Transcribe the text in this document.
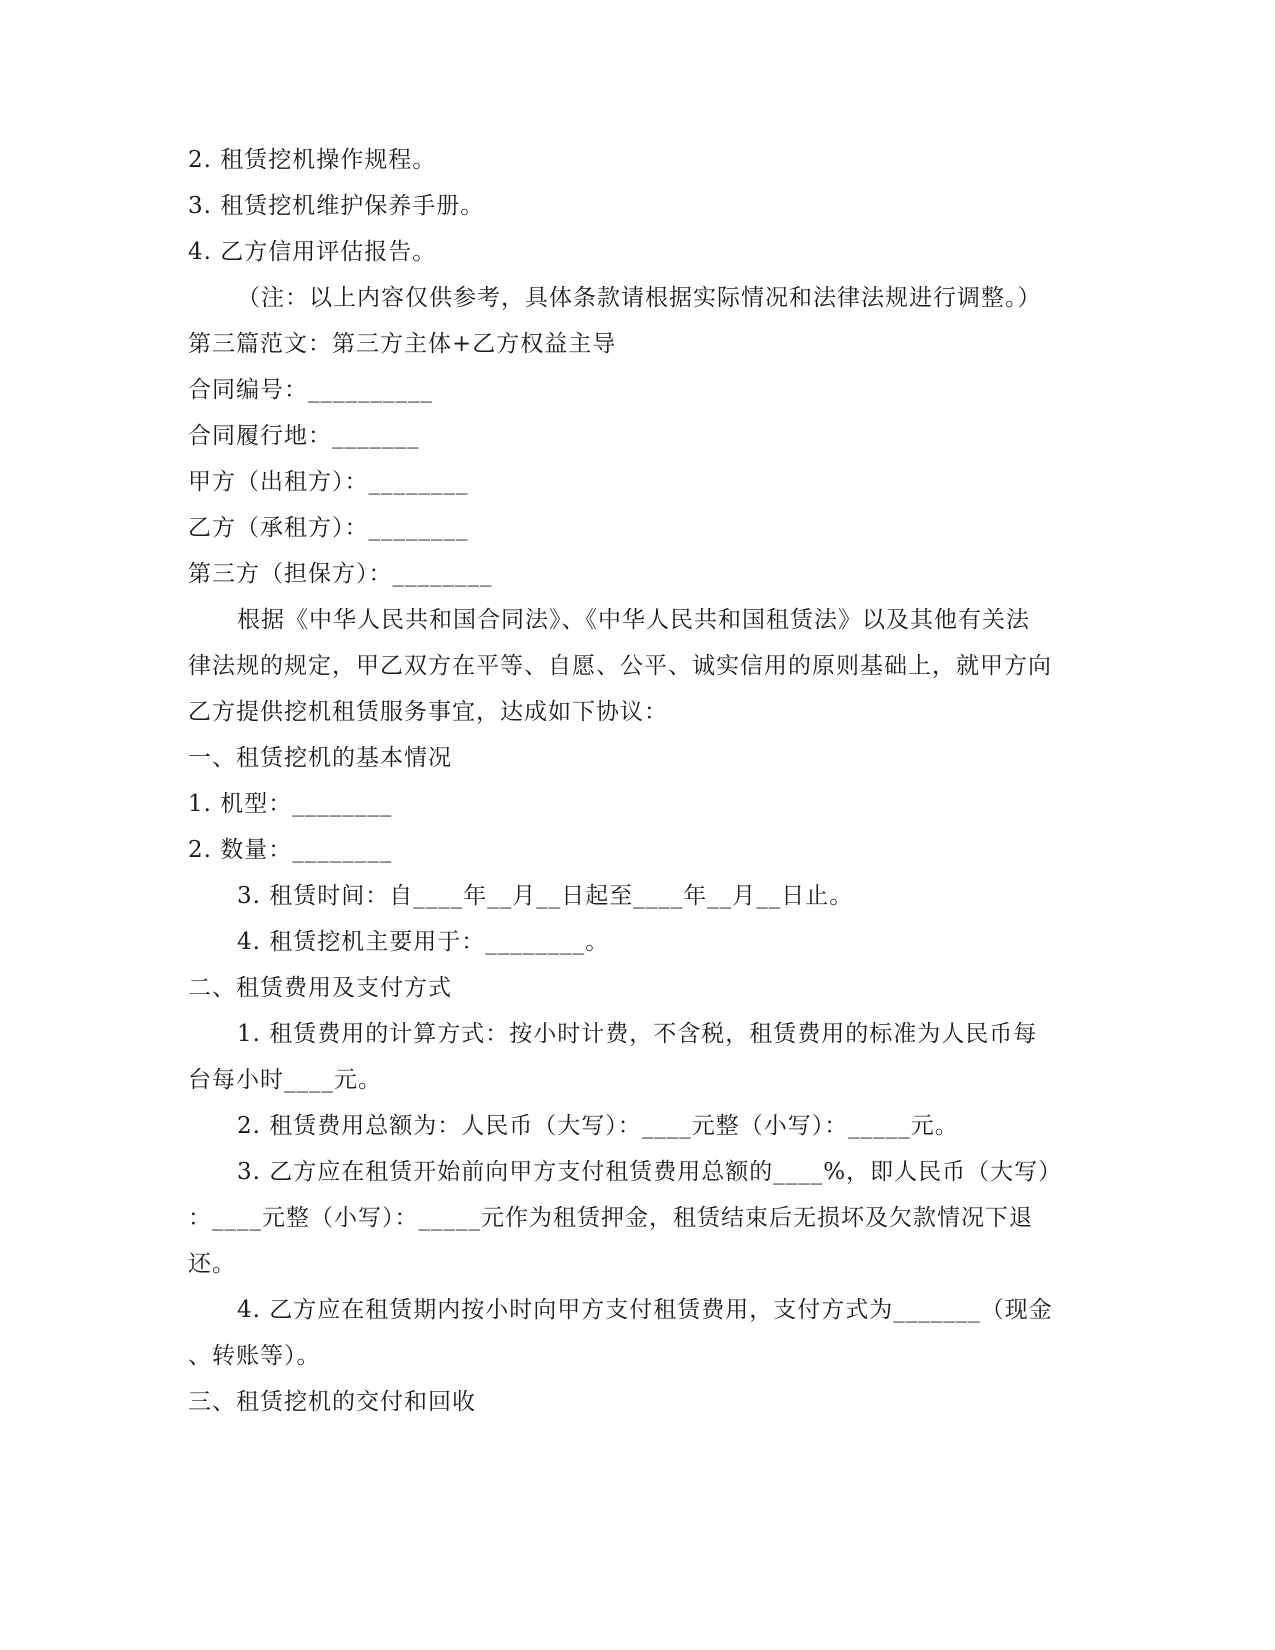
2. 租赁挖机操作规程。
3. 租赁挖机维护保养手册。
4. 乙方信用评估报告。
（注：以上内容仅供参考，具体条款请根据实际情况和法律法规进行调整。）
第三篇范文：第三方主体+乙方权益主导
合同编号：__________
合同履行地：_______
甲方（出租方）：________
乙方（承租方）：________
第三方（担保方）：________
根据《中华人民共和国合同法》、《中华人民共和国租赁法》以及其他有关法
律法规的规定，甲乙双方在平等、自愿、公平、诚实信用的原则基础上，就甲方向
乙方提供挖机租赁服务事宜，达成如下协议：
一、租赁挖机的基本情况
1. 机型：________
2. 数量：________
3. 租赁时间：自____年__月__日起至____年__月__日止。
4. 租赁挖机主要用于：________。
二、租赁费用及支付方式
1. 租赁费用的计算方式：按小时计费，不含税，租赁费用的标准为人民币每
台每小时____元。
2. 租赁费用总额为：人民币（大写）：____元整（小写）：_____元。
3. 乙方应在租赁开始前向甲方支付租赁费用总额的____%，即人民币（大写）
：____元整（小写）：_____元作为租赁押金，租赁结束后无损坏及欠款情况下退
还。
4. 乙方应在租赁期内按小时向甲方支付租赁费用，支付方式为_______（现金
、转账等）。
三、租赁挖机的交付和回收
